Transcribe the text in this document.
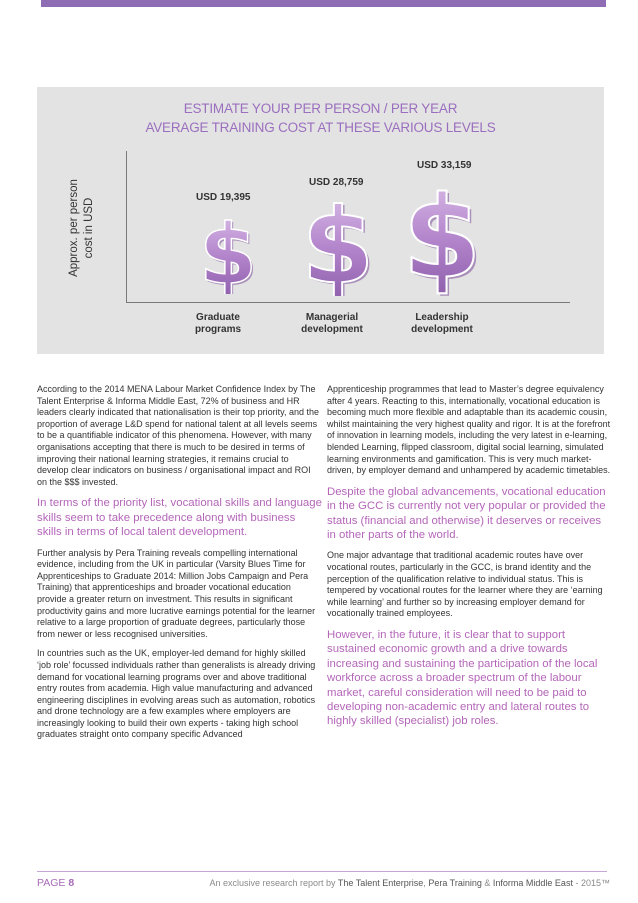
ESTIMATE YOUR PER PERSON / PER YEAR
AVERAGE TRAINING COST AT THESE VARIOUS LEVELS
Approx. per person cost in USD
USD 19,395
Graduate
programs
USD 28,759
Managerial
development
USD 33,159
Leadership
development

According to the 2014 MENA Labour Market Confidence Index by The Talent Enterprise & Informa Middle East, 72% of business and HR leaders clearly indicated that nationalisation is their top priority, and the proportion of average L&D spend for national talent at all levels seems to be a quantifiable indicator of this phenomena. However, with many organisations accepting that there is much to be desired in terms of improving their national learning strategies, it remains crucial to develop clear indicators on business / organisational impact and ROI on the $$$ invested.

In terms of the priority list, vocational skills and language skills seem to take precedence along with business skills in terms of local talent development.

Further analysis by Pera Training reveals compelling international evidence, including from the UK in particular (Varsity Blues Time for Apprenticeships to Graduate 2014: Million Jobs Campaign and Pera Training) that apprenticeships and broader vocational education provide a greater return on investment. This results in significant productivity gains and more lucrative earnings potential for the learner relative to a large proportion of graduate degrees, particularly those from newer or less recognised universities.

In countries such as the UK, employer-led demand for highly skilled ‘job role’ focussed individuals rather than generalists is already driving demand for vocational learning programs over and above traditional entry routes from academia. High value manufacturing and advanced engineering disciplines in evolving areas such as automation, robotics and drone technology are a few examples where employers are increasingly looking to build their own experts - taking high school graduates straight onto company specific Advanced

Apprenticeship programmes that lead to Master’s degree equivalency after 4 years. Reacting to this, internationally, vocational education is becoming much more flexible and adaptable than its academic cousin, whilst maintaining the very highest quality and rigor. It is at the forefront of innovation in learning models, including the very latest in e-learning, blended Learning, flipped classroom, digital social learning, simulated learning environments and gamification. This is very much market-driven, by employer demand and unhampered by academic timetables.

Despite the global advancements, vocational education in the GCC is currently not very popular or provided the status (financial and otherwise) it deserves or receives in other parts of the world.

One major advantage that traditional academic routes have over vocational routes, particularly in the GCC, is brand identity and the perception of the qualification relative to individual status. This is tempered by vocational routes for the learner where they are ‘earning while learning’ and further so by increasing employer demand for vocationally trained employees.

However, in the future, it is clear that to support sustained economic growth and a drive towards increasing and sustaining the participation of the local workforce across a broader spectrum of the labour market, careful consideration will need to be paid to developing non-academic entry and lateral routes to highly skilled (specialist) job roles.

PAGE 8	An exclusive research report by The Talent Enterprise, Pera Training & Informa Middle East - 2015™
